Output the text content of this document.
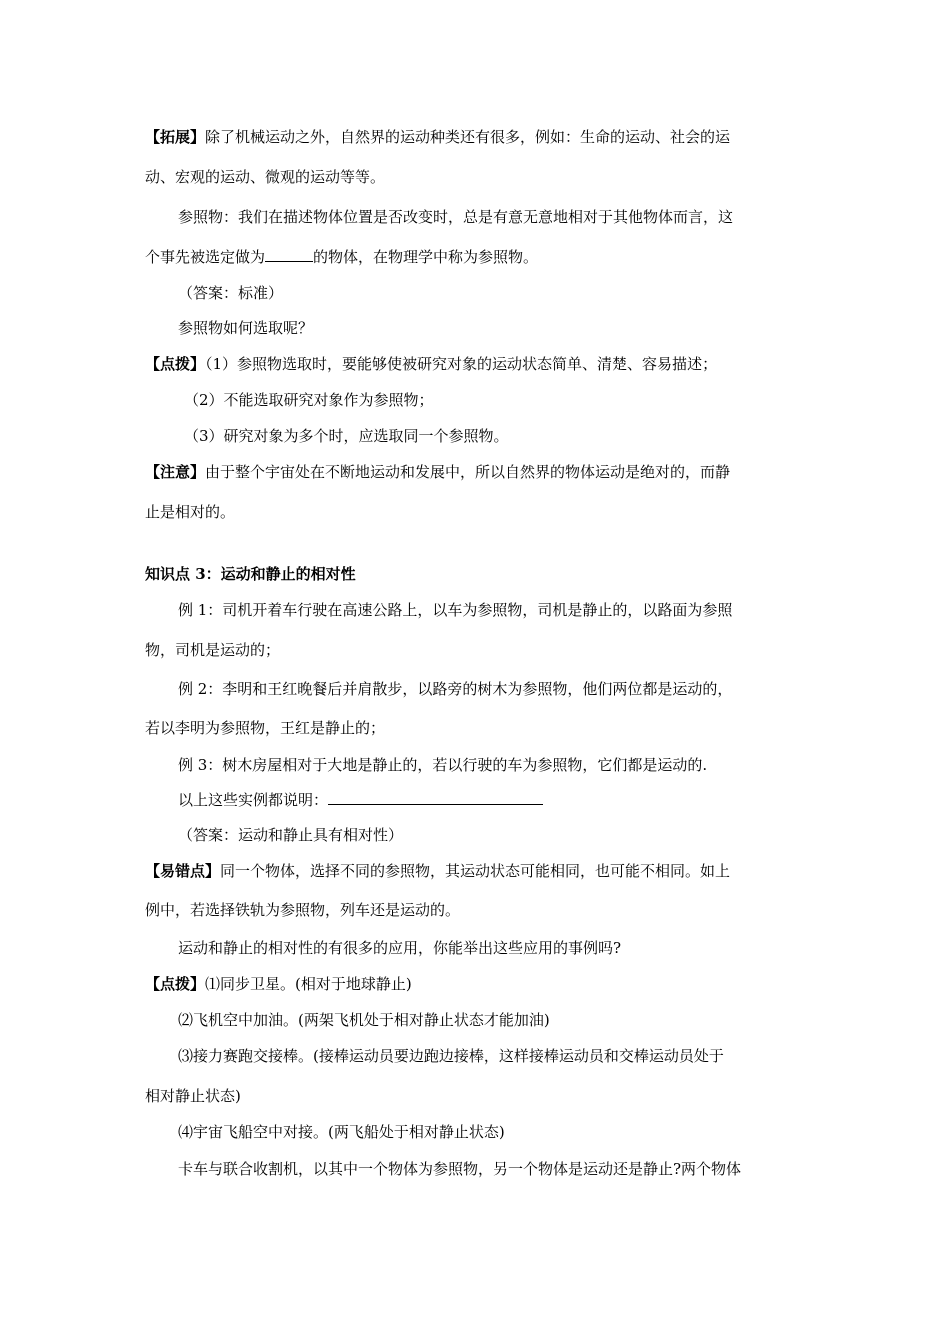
【拓展】除了机械运动之外，自然界的运动种类还有很多，例如：生命的运动、社会的运
动、宏观的运动、微观的运动等等。
参照物：我们在描述物体位置是否改变时，总是有意无意地相对于其他物体而言，这
个事先被选定做为	的物体，在物理学中称为参照物。
（答案：标准）
参照物如何选取呢？
【点拨】（1）参照物选取时，要能够使被研究对象的运动状态简单、清楚、容易描述；
（2）不能选取研究对象作为参照物；
（3）研究对象为多个时，应选取同一个参照物。
【注意】由于整个宇宙处在不断地运动和发展中，所以自然界的物体运动是绝对的，而静
止是相对的。
知识点 3：运动和静止的相对性
例 1：司机开着车行驶在高速公路上，以车为参照物，司机是静止的，以路面为参照
物，司机是运动的；
例 2：李明和王红晚餐后并肩散步，以路旁的树木为参照物，他们两位都是运动的，
若以李明为参照物，王红是静止的；
例 3：树木房屋相对于大地是静止的，若以行驶的车为参照物，它们都是运动的.
以上这些实例都说明：
（答案：运动和静止具有相对性）
【易错点】同一个物体，选择不同的参照物，其运动状态可能相同，也可能不相同。如上
例中，若选择铁轨为参照物，列车还是运动的。
运动和静止的相对性的有很多的应用，你能举出这些应用的事例吗?
【点拨】⑴同步卫星。(相对于地球静止)
⑵飞机空中加油。(两架飞机处于相对静止状态才能加油)
⑶接力赛跑交接棒。(接棒运动员要边跑边接棒，这样接棒运动员和交棒运动员处于
相对静止状态)
⑷宇宙飞船空中对接。(两飞船处于相对静止状态)
卡车与联合收割机，以其中一个物体为参照物，另一个物体是运动还是静止?两个物体
